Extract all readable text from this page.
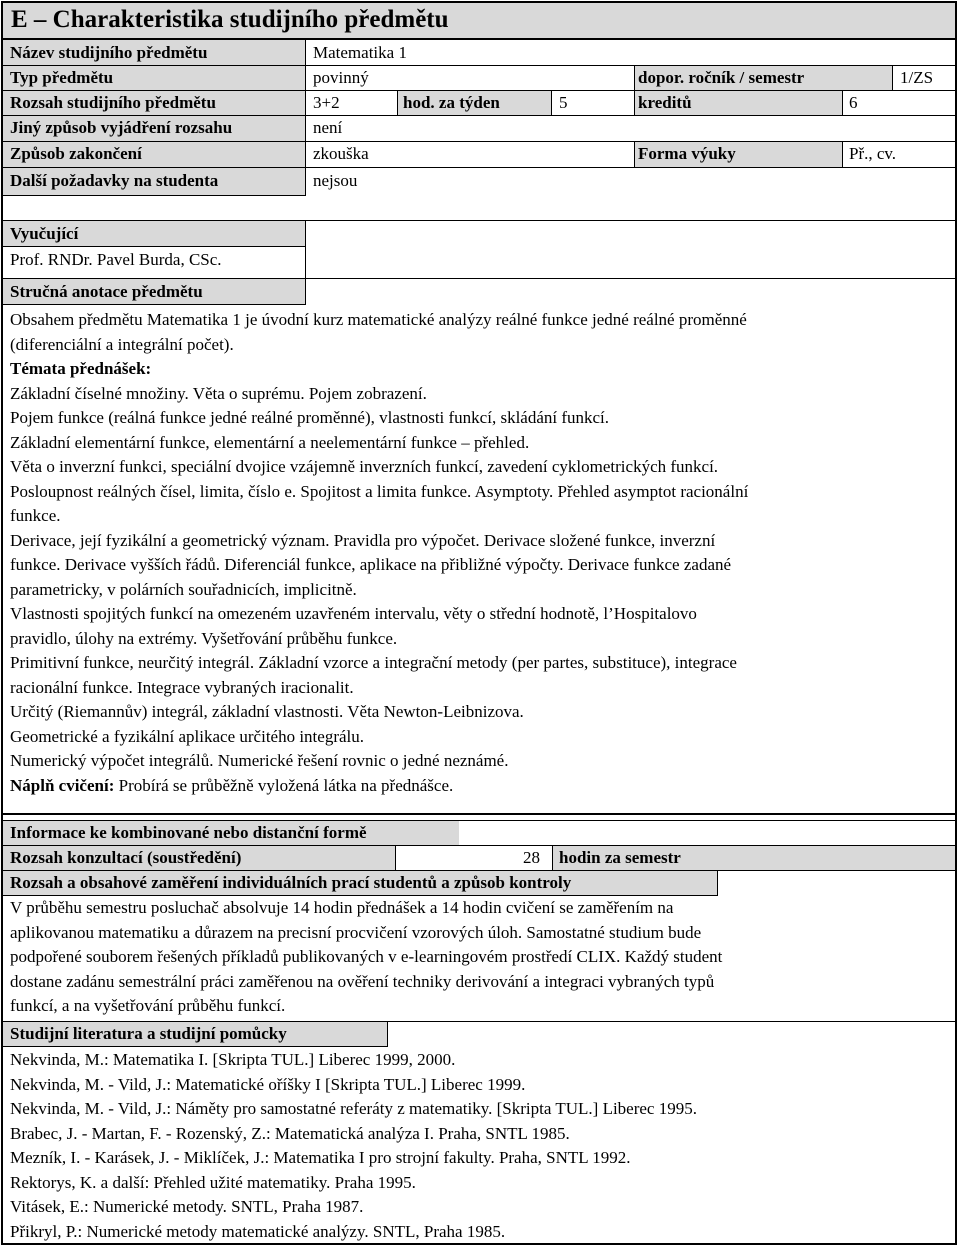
E – Charakteristika studijního předmětu
Název studijního předmětu	Matematika 1
Typ předmětu	povinný	dopor. ročník / semestr	1/ZS
Rozsah studijního předmětu	3+2	hod. za týden	5	kreditů	6
Jiný způsob vyjádření rozsahu	není
Způsob zakončení	zkouška	Forma výuky	Př., cv.
Další požadavky na studenta	nejsou
Vyučující
Prof. RNDr. Pavel Burda, CSc.
Stručná anotace předmětu
Obsahem předmětu Matematika 1 je úvodní kurz matematické analýzy reálné funkce jedné reálné proměnné
(diferenciální a integrální počet).
Témata přednášek:
Základní číselné množiny. Věta o suprému. Pojem zobrazení.
Pojem funkce (reálná funkce jedné reálné proměnné), vlastnosti funkcí, skládání funkcí.
Základní elementární funkce, elementární a neelementární funkce – přehled.
Věta o inverzní funkci, speciální dvojice vzájemně inverzních funkcí, zavedení cyklometrických funkcí.
Posloupnost reálných čísel, limita, číslo e. Spojitost a limita funkce. Asymptoty. Přehled asymptot racionální
funkce.
Derivace, její fyzikální a geometrický význam. Pravidla pro výpočet. Derivace složené funkce, inverzní
funkce. Derivace vyšších řádů. Diferenciál funkce, aplikace na přibližné výpočty. Derivace funkce zadané
parametricky, v polárních souřadnicích, implicitně.
Vlastnosti spojitých funkcí na omezeném uzavřeném intervalu, věty o střední hodnotě, l’Hospitalovo
pravidlo, úlohy na extrémy. Vyšetřování průběhu funkce.
Primitivní funkce, neurčitý integrál. Základní vzorce a integrační metody (per partes, substituce), integrace
racionální funkce. Integrace vybraných iracionalit.
Určitý (Riemannův) integrál, základní vlastnosti. Věta Newton-Leibnizova.
Geometrické a fyzikální aplikace určitého integrálu.
Numerický výpočet integrálů. Numerické řešení rovnic o jedné neznámé.
Náplň cvičení: Probírá se průběžně vyložená látka na přednášce.
Informace ke kombinované nebo distanční formě
Rozsah konzultací (soustředění)	28 hodin za semestr
Rozsah a obsahové zaměření individuálních prací studentů a způsob kontroly
V průběhu semestru posluchač absolvuje 14 hodin přednášek a 14 hodin cvičení se zaměřením na
aplikovanou matematiku a důrazem na precisní procvičení vzorových úloh. Samostatné studium bude
podpořené souborem řešených příkladů publikovaných v e-learningovém prostředí CLIX. Každý student
dostane zadánu semestrální práci zaměřenou na ověření techniky derivování a integraci vybraných typů
funkcí, a na vyšetřování průběhu funkcí.
Studijní literatura a studijní pomůcky
Nekvinda, M.: Matematika I. [Skripta TUL.] Liberec 1999, 2000.
Nekvinda, M. - Vild, J.: Matematické oříšky I [Skripta TUL.] Liberec 1999.
Nekvinda, M. - Vild, J.: Náměty pro samostatné referáty z matematiky. [Skripta TUL.] Liberec 1995.
Brabec, J. - Martan, F. - Rozenský, Z.: Matematická analýza I. Praha, SNTL 1985.
Mezník, I. - Karásek, J. - Miklíček, J.: Matematika I pro strojní fakulty. Praha, SNTL 1992.
Rektorys, K. a další: Přehled užité matematiky. Praha 1995.
Vitásek, E.: Numerické metody. SNTL, Praha 1987.
Přikryl, P.: Numerické metody matematické analýzy. SNTL, Praha 1985.
